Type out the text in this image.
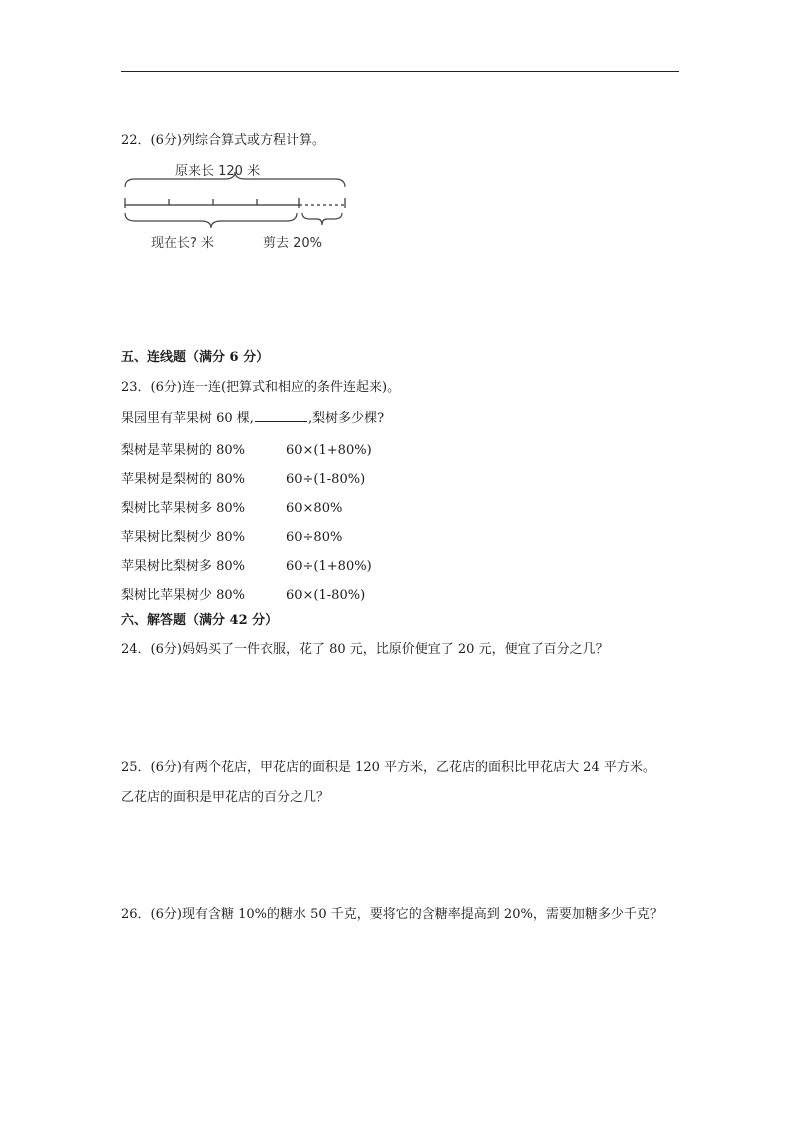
22．(6分)列综合算式或方程计算。
原来长 120 米
现在长? 米	剪去 20%
五、连线题（满分 6 分）
23．(6分)连一连(把算式和相应的条件连起来)。
果园里有苹果树 60 棵,	,梨树多少棵?
梨树是苹果树的 80%	60×(1+80%)
苹果树是梨树的 80%	60÷(1-80%)
梨树比苹果树多 80%	60×80%
苹果树比梨树少 80%	60÷80%
苹果树比梨树多 80%	60÷(1+80%)
梨树比苹果树少 80%	60×(1-80%)
六、解答题（满分 42 分）
24．(6分)妈妈买了一件衣服，花了 80 元，比原价便宜了 20 元，便宜了百分之几？
25．(6分)有两个花店，甲花店的面积是 120 平方米，乙花店的面积比甲花店大 24 平方米。
乙花店的面积是甲花店的百分之几？
26．(6分)现有含糖 10%的糖水 50 千克，要将它的含糖率提高到 20%，需要加糖多少千克？
